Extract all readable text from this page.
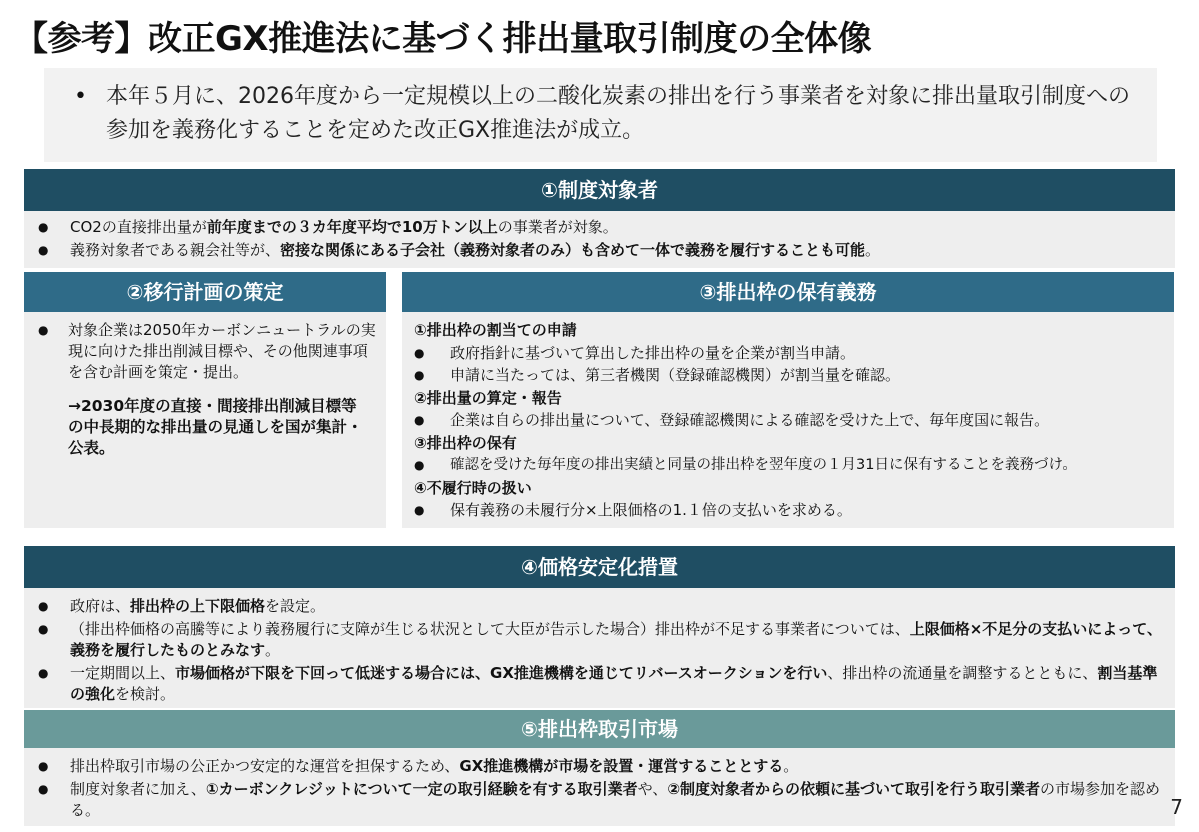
【参考】改正GX推進法に基づく排出量取引制度の全体像
• 本年５月に、2026年度から一定規模以上の二酸化炭素の排出を行う事業者を対象に排出量取引制度への参加を義務化することを定めた改正GX推進法が成立。
①制度対象者
●	CO2の直接排出量が前年度までの３カ年度平均で10万トン以上の事業者が対象。
●	義務対象者である親会社等が、密接な関係にある子会社（義務対象者のみ）も含めて一体で義務を履行することも可能。
②移行計画の策定
●	対象企業は2050年カーボンニュートラルの実現に向けた排出削減目標や、その他関連事項を含む計画を策定・提出。
→2030年度の直接・間接排出削減目標等の中長期的な排出量の見通しを国が集計・公表。
③排出枠の保有義務
①排出枠の割当ての申請
●	政府指針に基づいて算出した排出枠の量を企業が割当申請。
●	申請に当たっては、第三者機関（登録確認機関）が割当量を確認。
②排出量の算定・報告
●	企業は自らの排出量について、登録確認機関による確認を受けた上で、毎年度国に報告。
③排出枠の保有
●	確認を受けた毎年度の排出実績と同量の排出枠を翌年度の１月31日に保有することを義務づけ。
④不履行時の扱い
●	保有義務の未履行分×上限価格の1.１倍の支払いを求める。
④価格安定化措置
●	政府は、排出枠の上下限価格を設定。
●	（排出枠価格の高騰等により義務履行に支障が生じる状況として大臣が告示した場合）排出枠が不足する事業者については、上限価格×不足分の支払いによって、義務を履行したものとみなす。
●	一定期間以上、市場価格が下限を下回って低迷する場合には、GX推進機構を通じてリバースオークションを行い、排出枠の流通量を調整するとともに、割当基準の強化を検討。
⑤排出枠取引市場
●	排出枠取引市場の公正かつ安定的な運営を担保するため、GX推進機構が市場を設置・運営することとする。
●	制度対象者に加え、①カーボンクレジットについて一定の取引経験を有する取引業者や、②制度対象者からの依頼に基づいて取引を行う取引業者の市場参加を認める。	7
